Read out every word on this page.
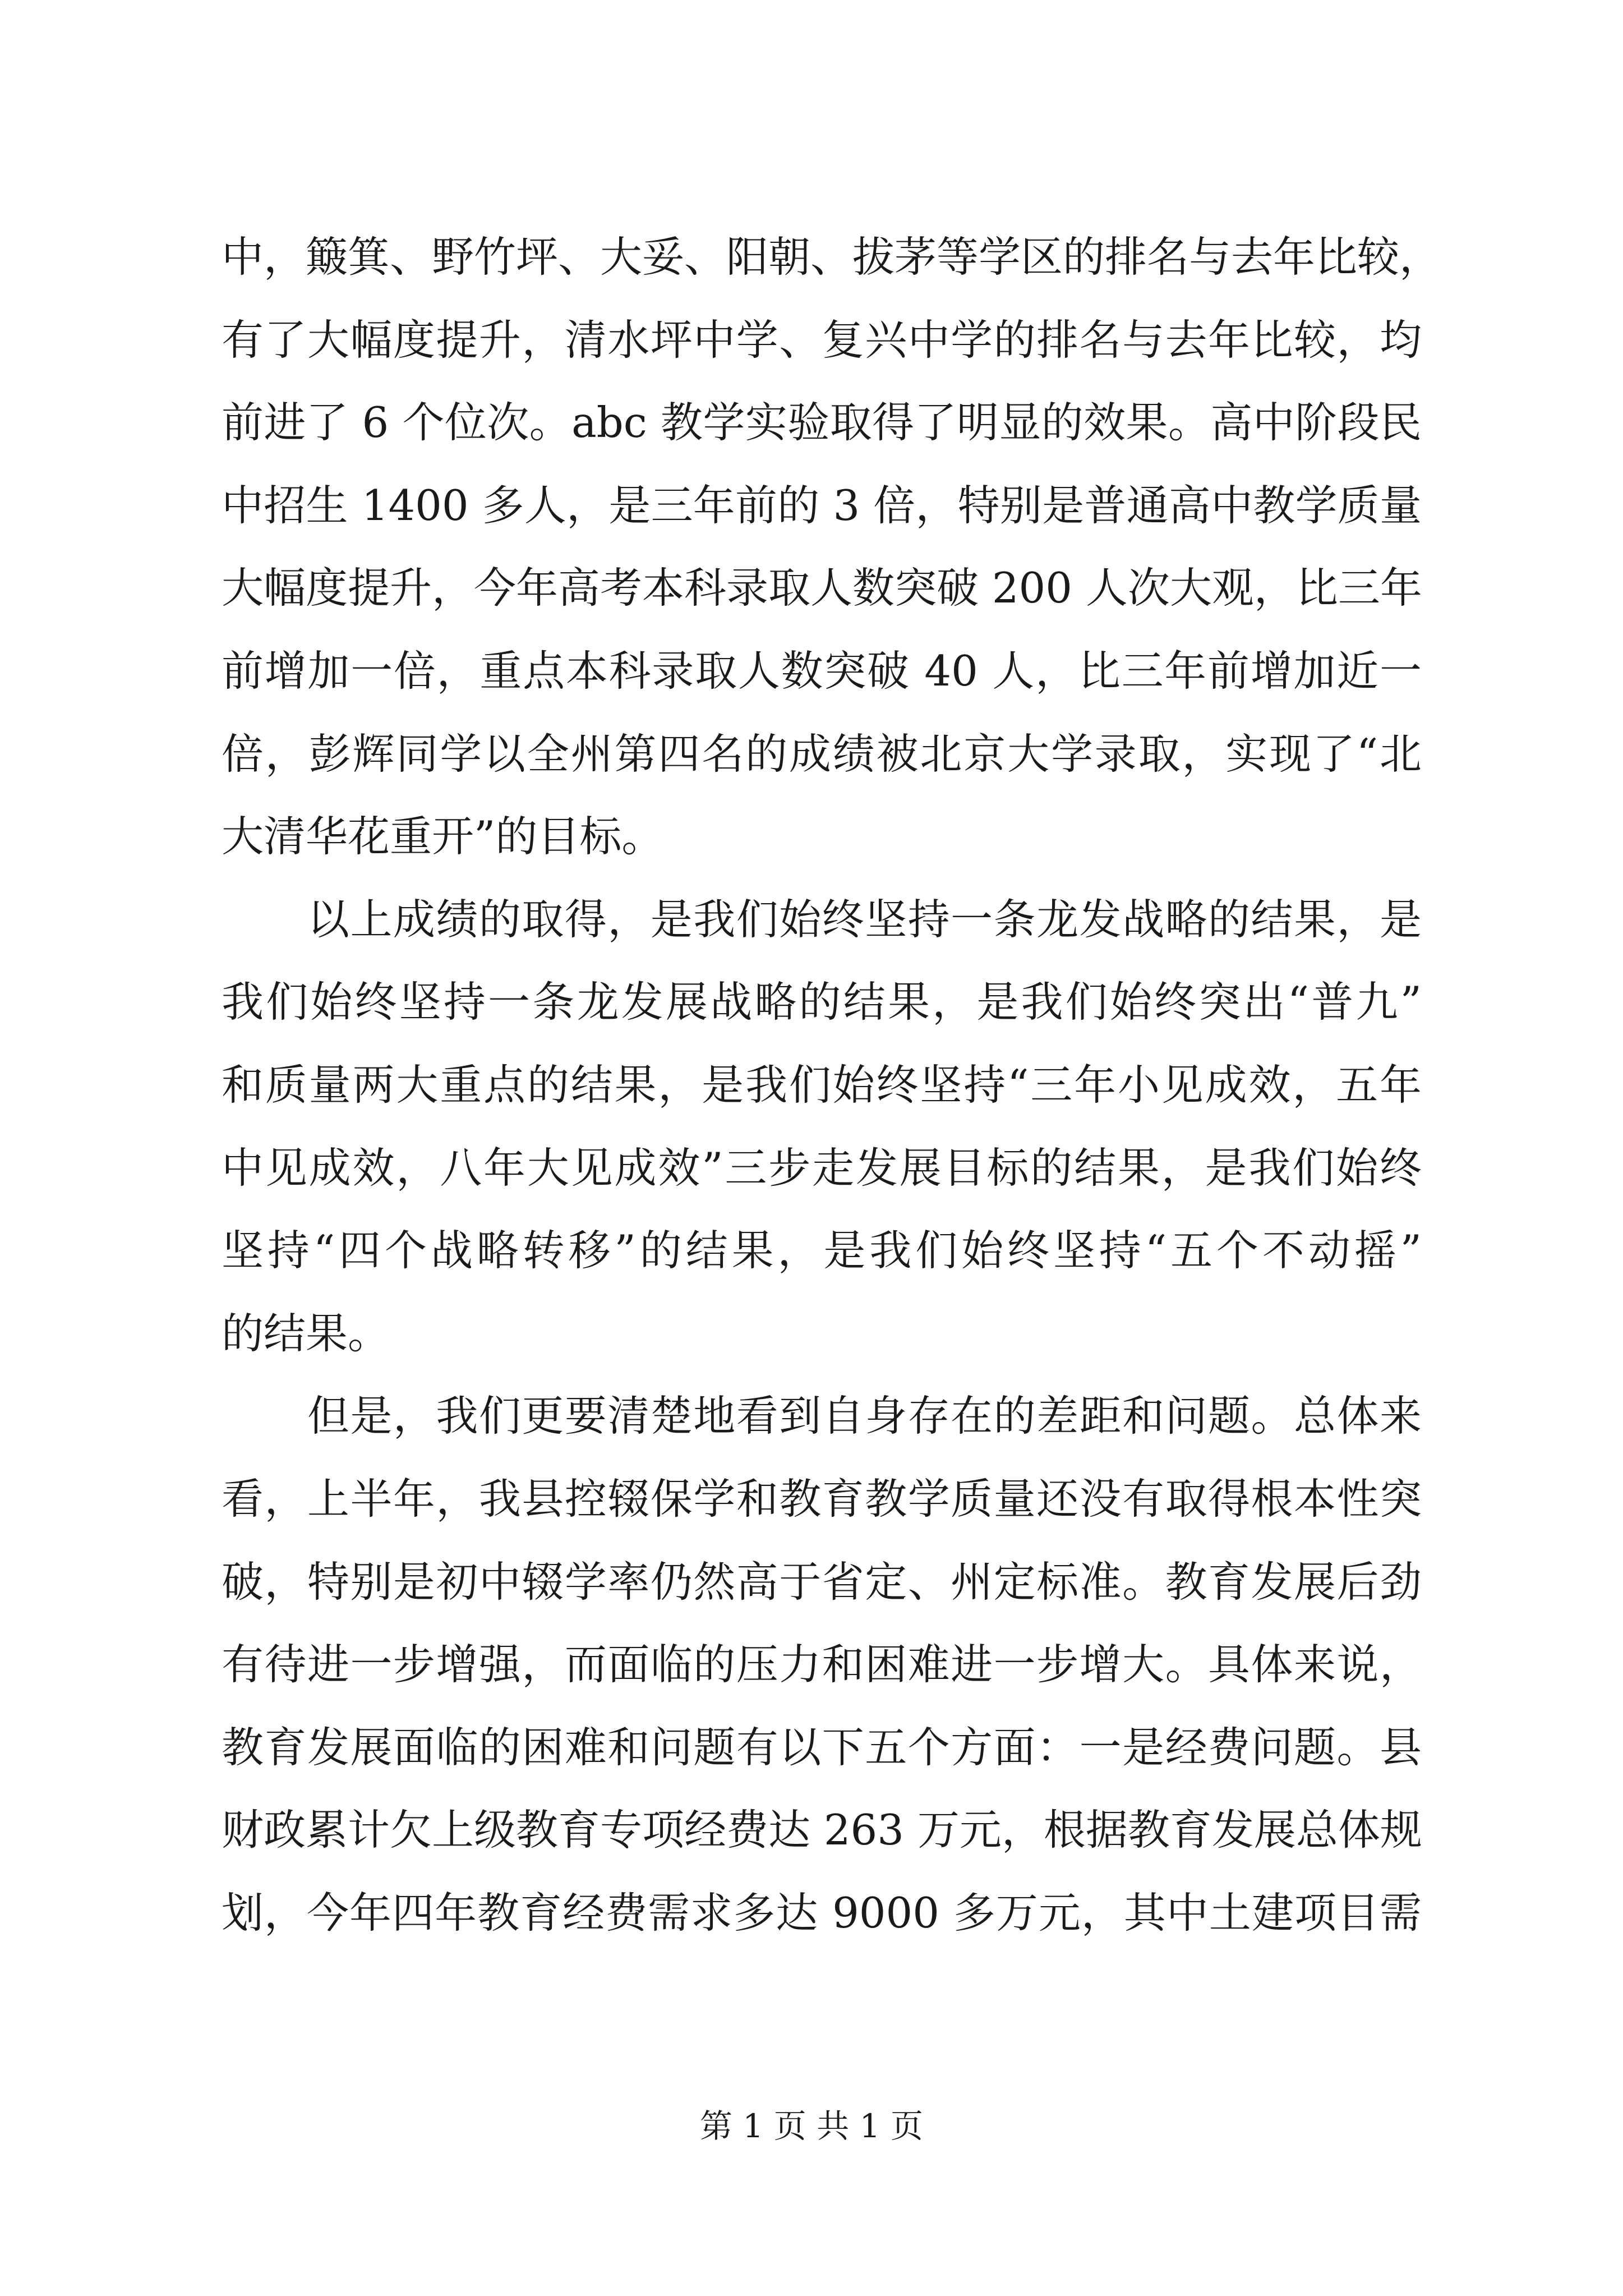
中，簸箕、野竹坪、大妥、阳朝、拔茅等学区的排名与去年比较，
有了大幅度提升，清水坪中学、复兴中学的排名与去年比较，均
前进了 6 个位次。abc 教学实验取得了明显的效果。高中阶段民
中招生 1400 多人，是三年前的 3 倍，特别是普通高中教学质量
大幅度提升，今年高考本科录取人数突破 200 人次大观，比三年
前增加一倍，重点本科录取人数突破 40 人，比三年前增加近一
倍，彭辉同学以全州第四名的成绩被北京大学录取，实现了“北
大清华花重开”的目标。
　　以上成绩的取得，是我们始终坚持一条龙发战略的结果，是
我们始终坚持一条龙发展战略的结果，是我们始终突出“普九”
和质量两大重点的结果，是我们始终坚持“三年小见成效，五年
中见成效，八年大见成效”三步走发展目标的结果，是我们始终
坚持“四个战略转移”的结果，是我们始终坚持“五个不动摇”
的结果。
　　但是，我们更要清楚地看到自身存在的差距和问题。总体来
看，上半年，我县控辍保学和教育教学质量还没有取得根本性突
破，特别是初中辍学率仍然高于省定、州定标准。教育发展后劲
有待进一步增强，而面临的压力和困难进一步增大。具体来说，
教育发展面临的困难和问题有以下五个方面：一是经费问题。县
财政累计欠上级教育专项经费达 263 万元，根据教育发展总体规
划，今年四年教育经费需求多达 9000 多万元，其中土建项目需
第 1 页 共 1 页
